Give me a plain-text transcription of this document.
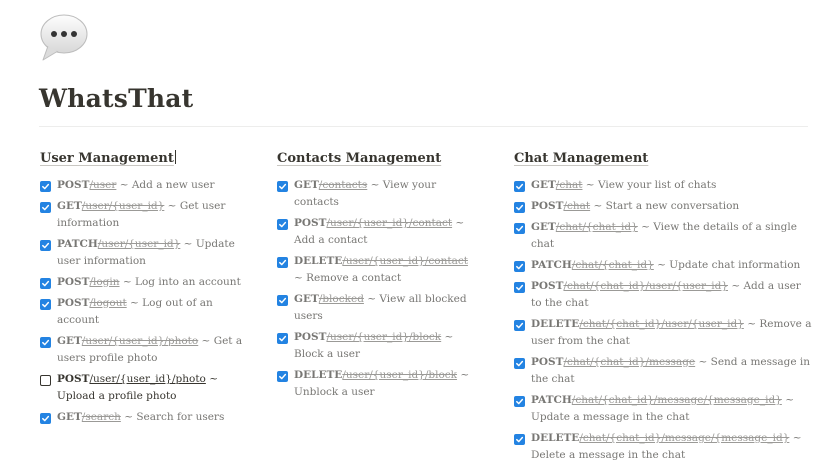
WhatsThat
User Management
POST/user ~ Add a new user
GET/user/{user_id} ~ Get user information
PATCH/user/{user_id} ~ Update user information
POST/login ~ Log into an account
POST/logout ~ Log out of an account
GET/user/{user_id}/photo ~ Get a users profile photo
POST/user/{user_id}/photo ~ Upload a profile photo
GET/search ~ Search for users
Contacts Management
GET/contacts ~ View your contacts
POST/user/{user_id}/contact ~ Add a contact
DELETE/user/{user_id}/contact ~ Remove a contact
GET/blocked ~ View all blocked users
POST/user/{user_id}/block ~ Block a user
DELETE/user/{user_id}/block ~ Unblock a user
Chat Management
GET/chat ~ View your list of chats
POST/chat ~ Start a new conversation
GET/chat/{chat_id} ~ View the details of a single chat
PATCH/chat/{chat_id} ~ Update chat information
POST/chat/{chat_id}/user/{user_id} ~ Add a user to the chat
DELETE/chat/{chat_id}/user/{user_id} ~ Remove a user from the chat
POST/chat/{chat_id}/message ~ Send a message in the chat
PATCH/chat/{chat_id}/message/{message_id} ~ Update a message in the chat
DELETE/chat/{chat_id}/message/{message_id} ~ Delete a message in the chat
